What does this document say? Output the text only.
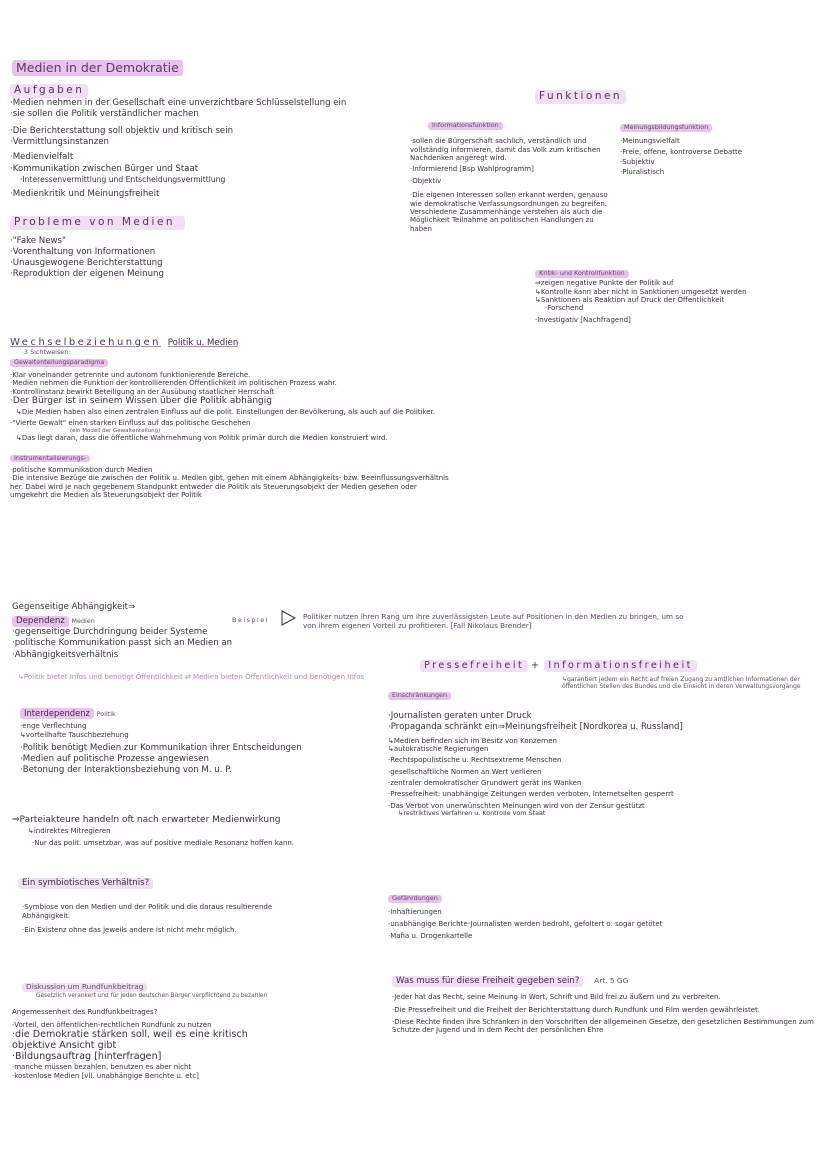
Medien in der Demokratie
Aufgaben
·Medien nehmen in der Gesellschaft eine unverzichtbare Schlüsselstellung ein
·sie sollen die Politik verständlicher machen
·Die Berichterstattung soll objektiv und kritisch sein
·Vermittlungsinstanzen
·Medienvielfalt
·Kommunikation zwischen Bürger und Staat
·Interessenvermittlung und Entscheidungsvermittlung
·Medienkritik und Meinungsfreiheit
Probleme von Medien
·"Fake News"
·Vorenthaltung von Informationen
·Unausgewogene Berichterstattung
·Reproduktion der eigenen Meinung
Funktionen
Informationsfunktion
·sollen die Bürgerschaft sachlich, verständlich und vollständig informieren, damit das Volk zum kritischen Nachdenken angeregt wird.
·Informierend [Bsp Wahlprogramm]
·Objektiv
·Die eigenen Interessen sollen erkannt werden, genauso wie demokratische Verfassungsordnungen zu begreifen. Verschiedene Zusammenhänge verstehen als auch die Möglichkeit Teilnahme an politischen Handlungen zu haben
Meinungsbildungsfunktion
·Meinungsvielfalt
·Freie, offene, kontroverse Debatte
·Subjektiv
·Pluralistisch
Kritik- und Kontrollfunktion
⇒zeigen negative Punkte der Politik auf
↳Kontrolle kann aber nicht in Sanktionen umgesetzt werden
↳Sanktionen als Reaktion auf Druck der Öffentlichkeit
·Forschend
·Investigativ [Nachfragend]
Wechselbeziehungen Politik u. Medien
3 Sichtweisen:
Gewaltenteilungsparadigma
·Klar voneinander getrennte und autonom funktionierende Bereiche.
·Medien nehmen die Funktion der kontrollierenden Öffentlichkeit im politischen Prozess wahr.
·Kontrollinstanz bewirkt Beteiligung an der Ausübung staatlicher Herrschaft
·Der Bürger ist in seinem Wissen über die Politik abhängig
↳Die Medien haben also einen zentralen Einfluss auf die polit. Einstellungen der Bevölkerung, als auch auf die Politiker.
·"Vierte Gewalt" einen starken Einfluss auf das politische Geschehen
(ein Modell der Gewaltenteilung)
↳Das liegt daran, dass die öffentliche Wahrnehmung von Politik primär durch die Medien konstruiert wird.
Instrumentalisierungs-
·politische Kommunikation durch Medien
·Die intensive Bezüge die zwischen der Politik u. Medien gibt, gehen mit einem Abhängigkeits- bzw. Beeinflussungsverhältnis her. Dabei wird je nach gegebenem Standpunkt entweder die Politik als Steuerungsobjekt der Medien gesehen oder umgekehrt die Medien als Steuerungsobjekt der Politik
Gegenseitige Abhängigkeit⇒
Beispiel	Politiker nutzen ihren Rang um ihre zuverlässigsten Leute auf Positionen in den Medien zu bringen, um so von ihrem eigenen Vorteil zu profitieren. [Fall Nikolaus Brender]
Dependenz Medien
·gegenseitige Durchdringung beider Systeme
·politische Kommunikation passt sich an Medien an
·Abhängigkeitsverhältnis
↳Politik bietet Infos und benötigt Öffentlichkeit ⇄ Medien bieten Öffentlichkeit und benötigen Infos
Interdependenz Politik
·enge Verflechtung
↳vorteilhafte Tauschbeziehung
·Politik benötigt Medien zur Kommunikation ihrer Entscheidungen
·Medien auf politische Prozesse angewiesen
·Betonung der Interaktionsbeziehung von M. u. P.
⇒Parteiakteure handeln oft nach erwarteter Medienwirkung
↳indirektes Mitregieren
·Nur das polit. umsetzbar, was auf positive mediale Resonanz hoffen kann.
Ein symbiotisches Verhältnis?
·Symbiose von den Medien und der Politik und die daraus resultierende Abhängigkeit.
·Ein Existenz ohne das jeweils andere ist nicht mehr möglich.
Diskussion um Rundfunkbeitrag
Gesetzlich verankert und für jeden deutschen Bürger verpflichtend zu bezahlen
Angemessenheit des Rundfunkbeitrages?
·Vorteil, den öffentlichen-rechtlichen Rundfunk zu nutzen
·die Demokratie stärken soll, weil es eine kritisch objektive Ansicht gibt
·Bildungsauftrag [hinterfragen]
·manche müssen bezahlen, benutzen es aber nicht
·kostenlose Medien [vll. unabhängige Berichte u. etc]
Pressefreiheit + Informationsfreiheit
↳garantiert jedem ein Recht auf freien Zugang zu amtlichen Informationen der öffentlichen Stellen des Bundes und die Einsicht in deren Verwaltungsvorgänge
Einschränkungen
·Journalisten geraten unter Druck
·Propaganda schränkt ein⇒Meinungsfreiheit [Nordkorea u. Russland]
↳Medien befinden sich im Besitz von Konzernen
↳autokratische Regierungen
·Rechtspopulistische u. Rechtsextreme Menschen
·gesellschaftliche Normen an Wert verlieren
·zentraler demokratischer Grundwert gerät ins Wanken
·Pressefreiheit: unabhängige Zeitungen werden verboten, Internetseiten gesperrt
·Das Verbot von unerwünschten Meinungen wird von der Zensur gestützt
↳restriktives Verfahren u. Kontrolle vom Staat
Gefährdungen
·Inhaftierungen
·unabhängige Berichte-Journalisten werden bedroht, gefoltert o. sogar getötet
·Mafia u. Drogenkartelle
Was muss für diese Freiheit gegeben sein? Art. 5 GG
·Jeder hat das Recht, seine Meinung in Wort, Schrift und Bild frei zu äußern und zu verbreiten.
·Die Pressefreiheit und die Freiheit der Berichterstattung durch Rundfunk und Film werden gewährleistet.
·Diese Rechte finden ihre Schranken in den Vorschriften der allgemeinen Gesetze, den gesetzlichen Bestimmungen zum Schutze der Jugend und in dem Recht der persönlichen Ehre
